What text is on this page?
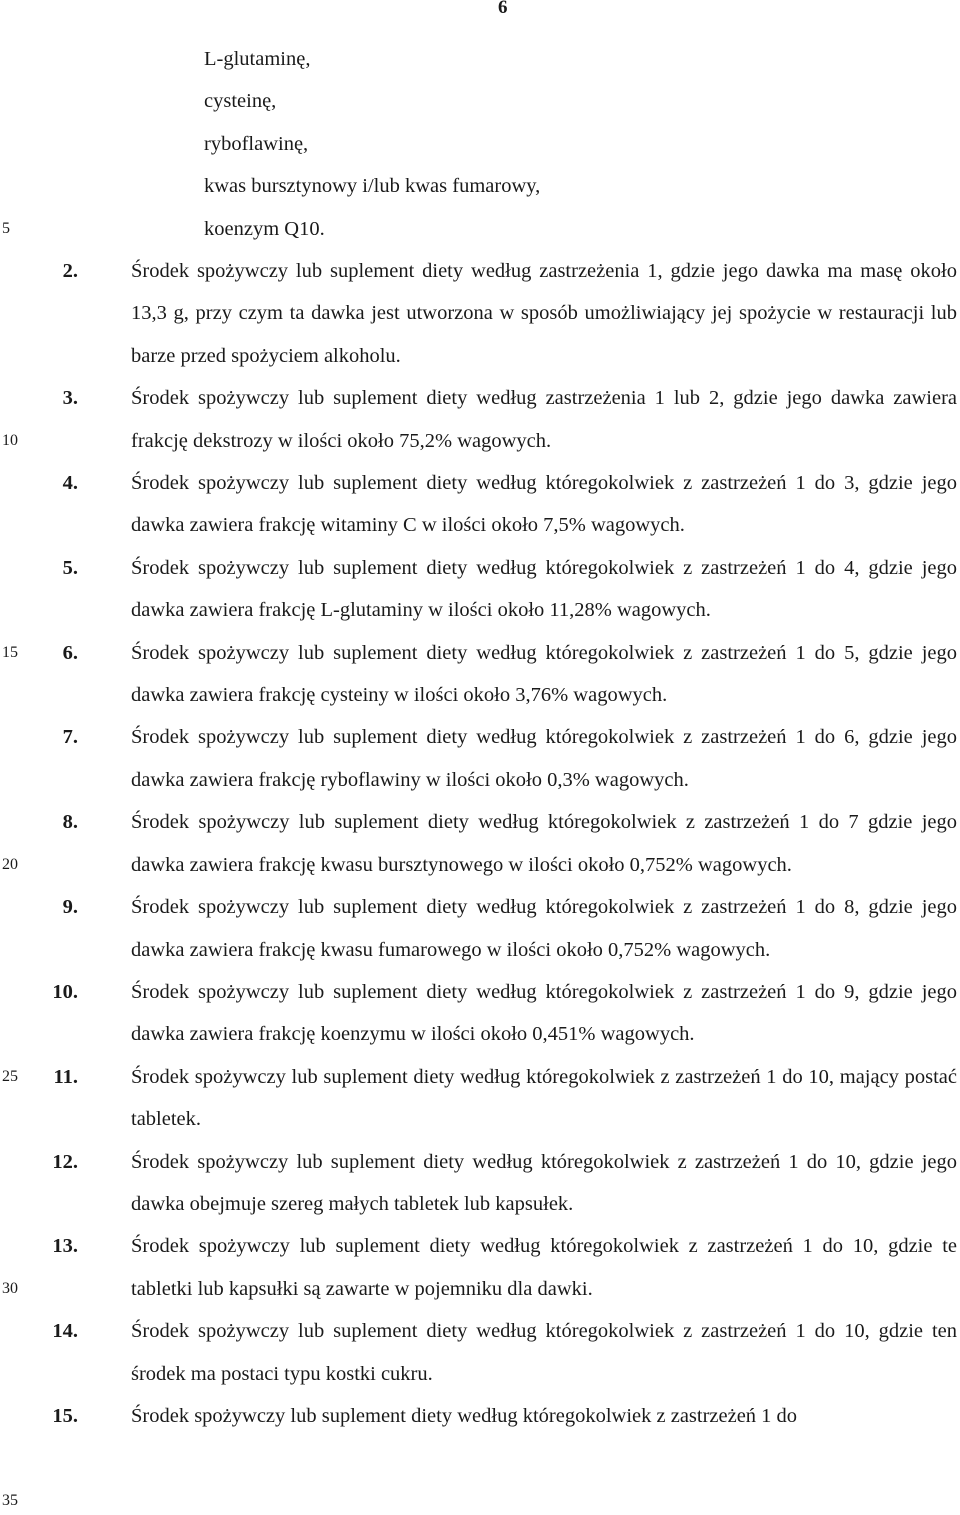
6
5
10
15
20
25
30
35
L-glutaminę,
cysteinę,
ryboflawinę,
kwas bursztynowy i/lub kwas fumarowy,
koenzym Q10.
2.	Środek spożywczy lub suplement diety według zastrzeżenia 1, gdzie jego dawka ma masę około 13,3 g, przy czym ta dawka jest utworzona w sposób umożliwiający jej spożycie w restauracji lub barze przed spożyciem alkoholu.
3.	Środek spożywczy lub suplement diety według zastrzeżenia 1 lub 2, gdzie jego dawka zawiera frakcję dekstrozy w ilości około 75,2% wagowych.
4.	Środek spożywczy lub suplement diety według któregokolwiek z zastrzeżeń 1 do 3, gdzie jego dawka zawiera frakcję witaminy C w ilości około 7,5% wagowych.
5.	Środek spożywczy lub suplement diety według któregokolwiek z zastrzeżeń 1 do 4, gdzie jego dawka zawiera frakcję L-glutaminy w ilości około 11,28% wagowych.
6.	Środek spożywczy lub suplement diety według któregokolwiek z zastrzeżeń 1 do 5, gdzie jego dawka zawiera frakcję cysteiny w ilości około 3,76% wagowych.
7.	Środek spożywczy lub suplement diety według któregokolwiek z zastrzeżeń 1 do 6, gdzie jego dawka zawiera frakcję ryboflawiny w ilości około 0,3% wagowych.
8.	Środek spożywczy lub suplement diety według któregokolwiek z zastrzeżeń 1 do 7 gdzie jego dawka zawiera frakcję kwasu bursztynowego w ilości około 0,752% wagowych.
9.	Środek spożywczy lub suplement diety według któregokolwiek z zastrzeżeń 1 do 8, gdzie jego dawka zawiera frakcję kwasu fumarowego w ilości około 0,752% wagowych.
10.	Środek spożywczy lub suplement diety według któregokolwiek z zastrzeżeń 1 do 9, gdzie jego dawka zawiera frakcję koenzymu w ilości około 0,451% wagowych.
11.	Środek spożywczy lub suplement diety według któregokolwiek z zastrzeżeń 1 do 10, mający postać tabletek.
12.	Środek spożywczy lub suplement diety według któregokolwiek z zastrzeżeń 1 do 10, gdzie jego dawka obejmuje szereg małych tabletek lub kapsułek.
13.	Środek spożywczy lub suplement diety według któregokolwiek z zastrzeżeń 1 do 10, gdzie te tabletki lub kapsułki są zawarte w pojemniku dla dawki.
14.	Środek spożywczy lub suplement diety według któregokolwiek z zastrzeżeń 1 do 10, gdzie ten środek ma postaci typu kostki cukru.
15.	Środek spożywczy lub suplement diety według któregokolwiek z zastrzeżeń 1 do
